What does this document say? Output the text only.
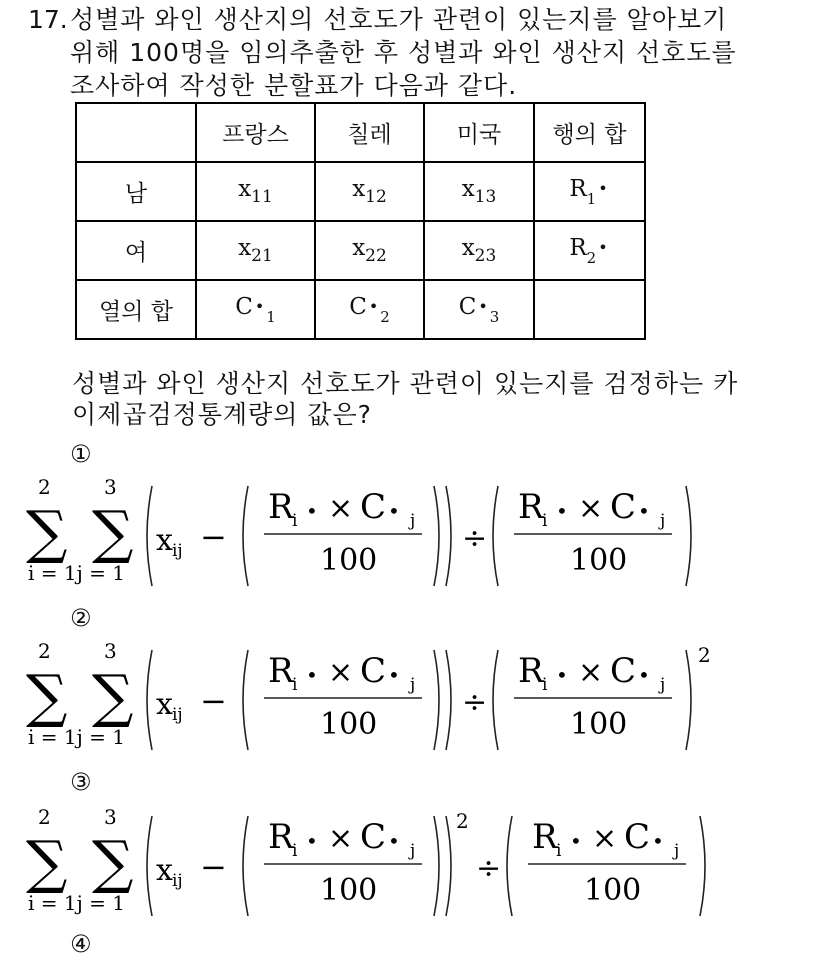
17. 성별과 와인 생산지의 선호도가 관련이 있는지를 알아보기
위해 100명을 임의추출한 후 성별과 와인 생산지 선호도를
조사하여 작성한 분할표가 다음과 같다.
	프랑스	칠레	미국	행의 합
남	$x_{11}$	$x_{12}$	$x_{13}$	$R_1•$
여	$x_{21}$	$x_{22}$	$x_{23}$	$R_2•$
열의 합	C $•_1$	C $•_2$	C $•_3$	
성별과 와인 생산지 선호도가 관련이 있는지를 검정하는 카
이제곱검정통계량의 값은?
①
2
∑
3
∑
i = 1j = 1
x ij −
R
i • × C • j
100
÷
R
i • × C • j
100
②
2
∑
3
∑
i = 1j = 1
x ij −
R
i • × C • j
100
÷
R
i • × C • j
100
2
③
2
∑
3
∑
i = 1j = 1
x ij −
R
i • × C • j
100
2
÷
R
i • × C • j
100
④
